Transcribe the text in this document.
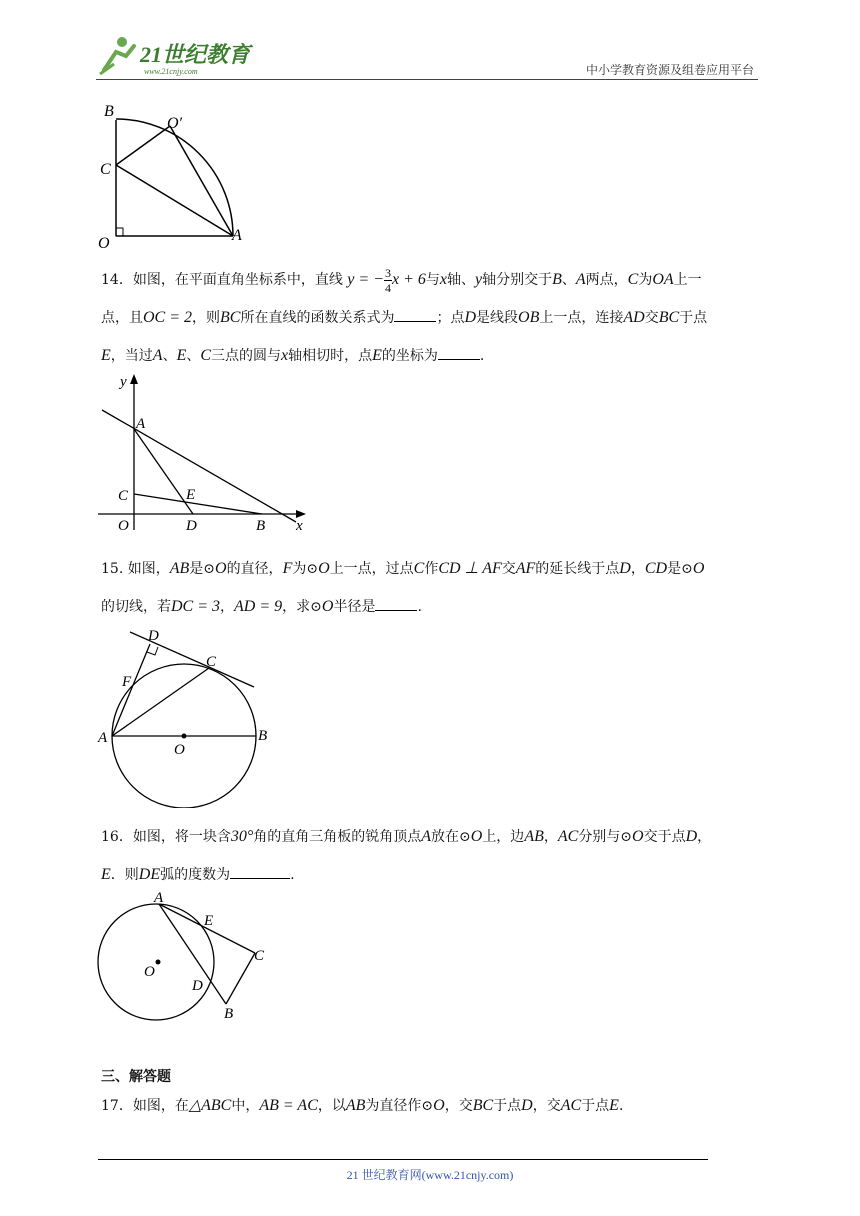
21世纪教育
www.21cnjy.com	中小学教育资源及组卷应用平台
B
O′
C
O	A
14．如图，在平面直角坐标系中，直线 y = − $\frac{3}{4}$ x + 6与x轴、y轴分别交于B、A两点，C为OA上一
点，且OC = 2，则BC所在直线的函数关系式为	；点D是线段OB上一点，连接AD交BC于点
E，当过A、E、C三点的圆与x轴相切时，点E的坐标为	.
y
A
C	E
O	D	B x
15. 如图，AB是⊙O的直径，F为⊙O上一点，过点C作CD ⊥ AF交AF的延长线于点D，CD是⊙O
的切线，若DC = 3，AD = 9，求⊙O半径是	.
D
C
F
A
O
B
16．如图，将一块含30°角的直角三角板的锐角顶点A放在⊙O上，边AB，AC分别与⊙O交于点D，
E．则DE弧的度数为	.
A
E
C
O
D
B
三、解答题
17．如图，在△ABC中，AB = AC，以AB为直径作⊙O，交BC于点D，交AC于点E.
21 世纪教育网(www.21cnjy.com)
